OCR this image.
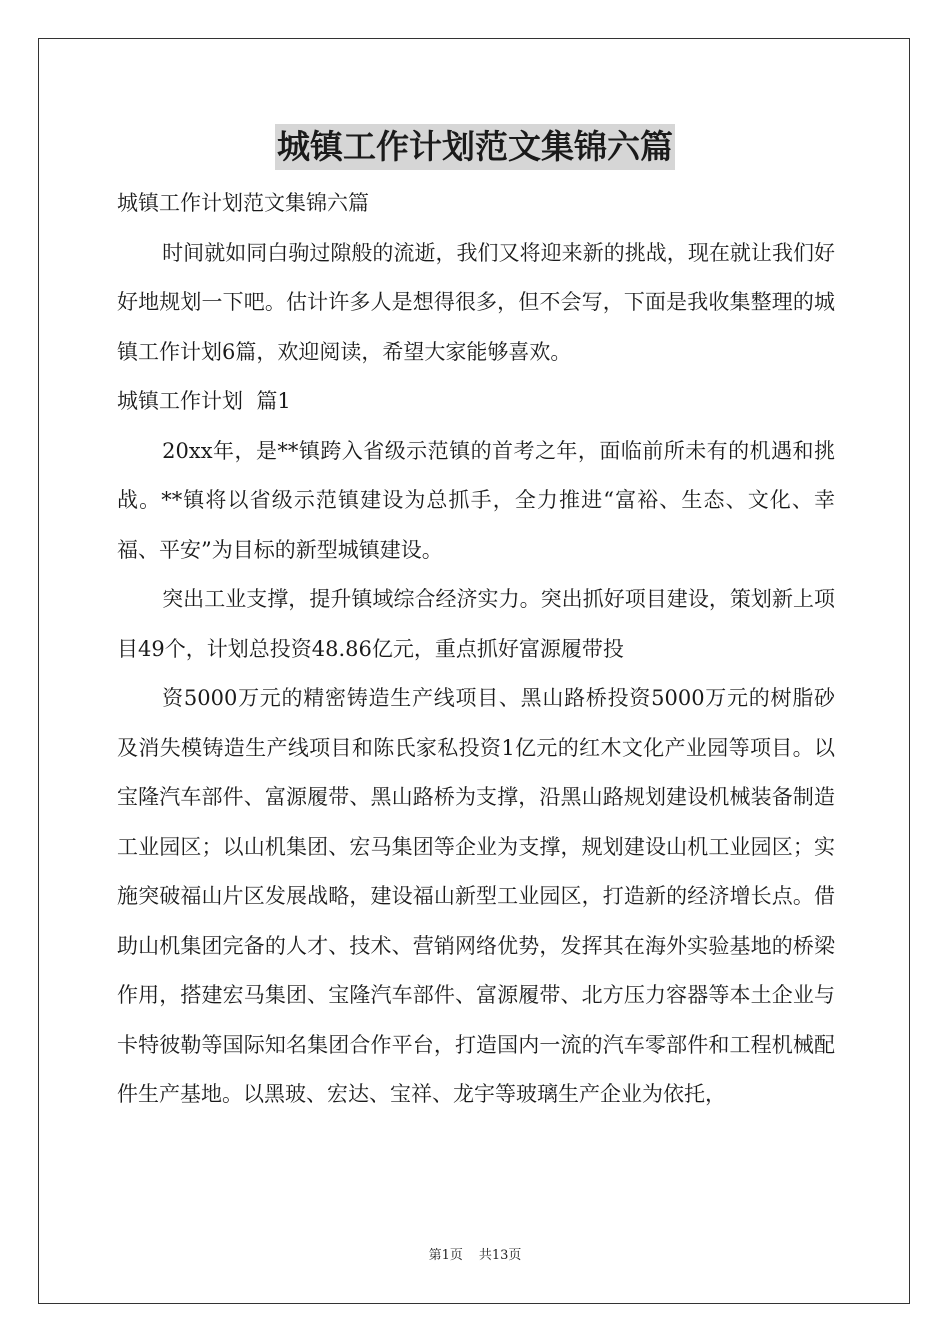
城镇工作计划范文集锦六篇

城镇工作计划范文集锦六篇

时间就如同白驹过隙般的流逝，我们又将迎来新的挑战，现在就让我们好好地规划一下吧。估计许多人是想得很多，但不会写，下面是我收集整理的城镇工作计划6篇，欢迎阅读，希望大家能够喜欢。

城镇工作计划  篇1

20xx年，是**镇跨入省级示范镇的首考之年，面临前所未有的机遇和挑战。**镇将以省级示范镇建设为总抓手，全力推进“富裕、生态、文化、幸福、平安”为目标的新型城镇建设。

突出工业支撑，提升镇域综合经济实力。突出抓好项目建设，策划新上项目49个，计划总投资48.86亿元，重点抓好富源履带投

资5000万元的精密铸造生产线项目、黑山路桥投资5000万元的树脂砂及消失模铸造生产线项目和陈氏家私投资1亿元的红木文化产业园等项目。以宝隆汽车部件、富源履带、黑山路桥为支撑，沿黑山路规划建设机械装备制造工业园区；以山机集团、宏马集团等企业为支撑，规划建设山机工业园区；实施突破福山片区发展战略，建设福山新型工业园区，打造新的经济增长点。借助山机集团完备的人才、技术、营销网络优势，发挥其在海外实验基地的桥梁作用，搭建宏马集团、宝隆汽车部件、富源履带、北方压力容器等本土企业与卡特彼勒等国际知名集团合作平台，打造国内一流的汽车零部件和工程机械配件生产基地。以黑玻、宏达、宝祥、龙宇等玻璃生产企业为依托，

第1页 共13页
